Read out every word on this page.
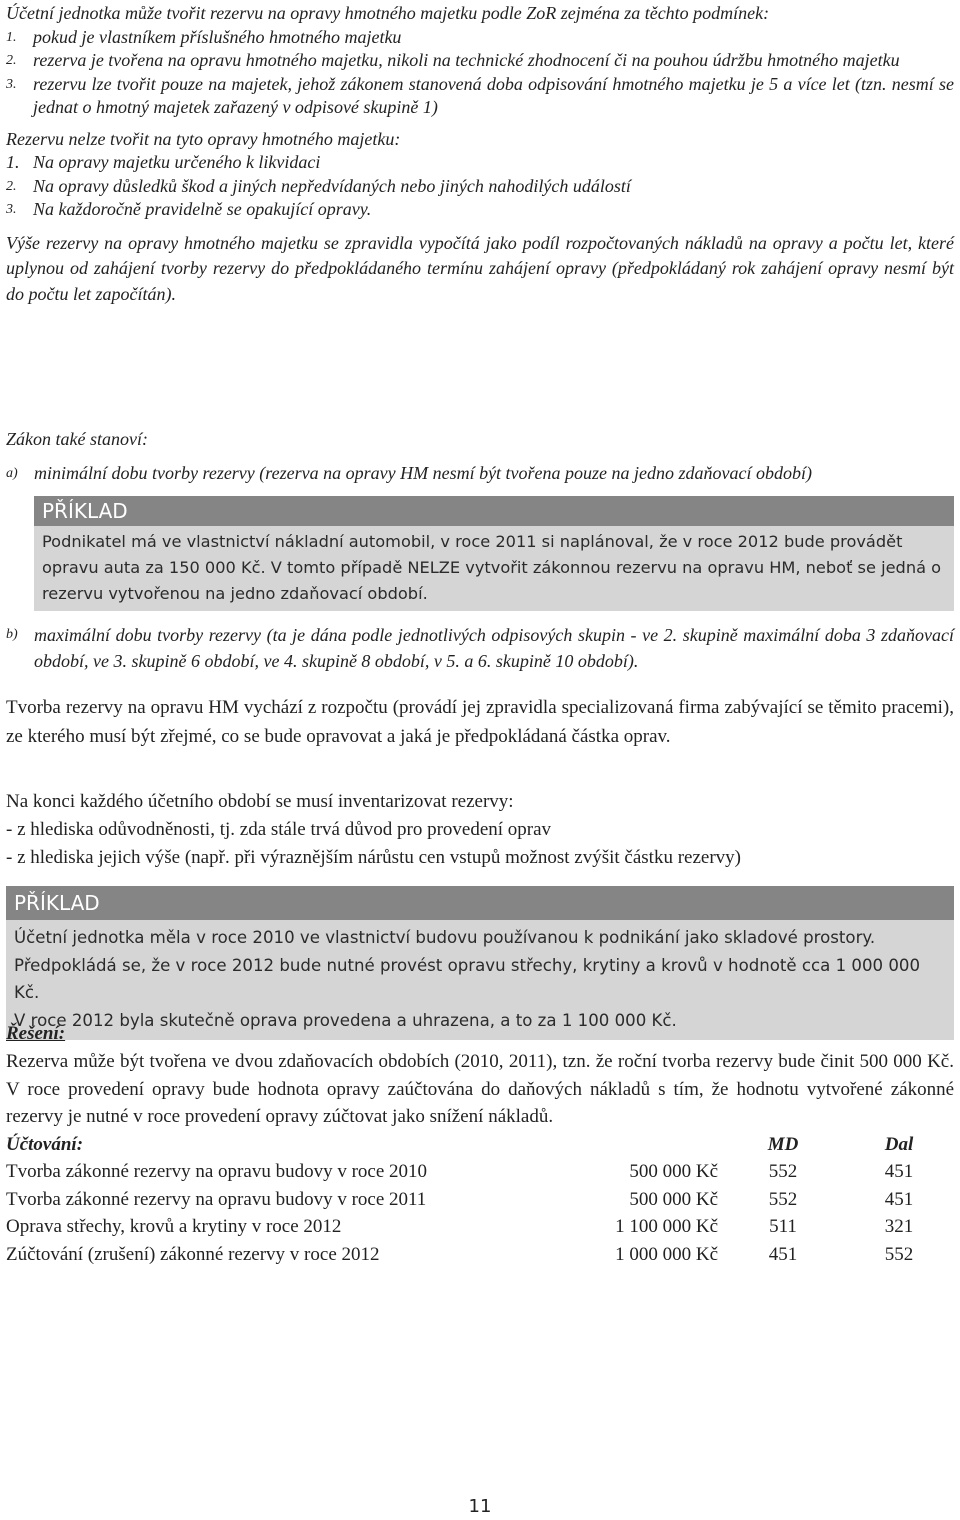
Účetní jednotka může tvořit rezervu na opravy hmotného majetku podle ZoR zejména za těchto podmínek:

1. pokud je vlastníkem příslušného hmotného majetku
2. rezerva je tvořena na opravu hmotného majetku, nikoli na technické zhodnocení či na pouhou údržbu hmotného majetku
3. rezervu lze tvořit pouze na majetek, jehož zákonem stanovená doba odpisování hmotného majetku je 5 a více let (tzn. nesmí se jednat o hmotný majetek zařazený v odpisové skupině 1)

Rezervu nelze tvořit na tyto opravy hmotného majetku:

1. Na opravy majetku určeného k likvidaci
2. Na opravy důsledků škod a jiných nepředvídaných nebo jiných nahodilých událostí
3. Na každoročně pravidelně se opakující opravy.

Výše rezervy na opravy hmotného majetku se zpravidla vypočítá jako podíl rozpočtovaných nákladů na opravy a počtu let, které uplynou od zahájení tvorby rezervy do předpokládaného termínu zahájení opravy (předpokládaný rok zahájení opravy nesmí být do počtu let započítán).

Zákon také stanoví:

a) minimální dobu tvorby rezervy (rezerva na opravy HM nesmí být tvořena pouze na jedno zdaňovací období)
PŘÍKLAD
Podnikatel má ve vlastnictví nákladní automobil, v roce 2011 si naplánoval, že v roce 2012 bude provádět opravu auta za 150 000 Kč. V tomto případě NELZE vytvořit zákonnou rezervu na opravu HM, neboť se jedná o rezervu vytvořenou na jedno zdaňovací období.
b) maximální dobu tvorby rezervy (ta je dána podle jednotlivých odpisových skupin - ve 2. skupině maximální doba 3 zdaňovací období, ve 3. skupině 6 období, ve 4. skupině 8 období, v 5. a 6. skupině 10 období).

Tvorba rezervy na opravu HM vychází z rozpočtu (provádí jej zpravidla specializovaná firma zabývající se těmito pracemi), ze kterého musí být zřejmé, co se bude opravovat a jaká je předpokládaná částka oprav.

Na konci každého účetního období se musí inventarizovat rezervy:

- z hlediska odůvodněnosti, tj. zda stále trvá důvod pro provedení oprav

- z hlediska jejich výše (např. při výraznějším nárůstu cen vstupů možnost zvýšit částku rezervy)

PŘÍKLAD
Účetní jednotka měla v roce 2010 ve vlastnictví budovu používanou k podnikání jako skladové prostory.
Předpokládá se, že v roce 2012 bude nutné provést opravu střechy, krytiny a krovů v hodnotě cca 1 000 000 Kč.
V roce 2012 byla skutečně oprava provedena a uhrazena, a to za 1 100 000 Kč.

Řešení:

Rezerva může být tvořena ve dvou zdaňovacích obdobích (2010, 2011), tzn. že roční tvorba rezervy bude činit 500 000 Kč. V roce provedení opravy bude hodnota opravy zaúčtována do daňových nákladů s tím, že hodnotu vytvořené zákonné rezervy je nutné v roce provedení opravy zúčtovat jako snížení nákladů.

Účtování:		MD	Dal
Tvorba zákonné rezervy na opravu budovy v roce 2010	500 000 Kč	552	451
Tvorba zákonné rezervy na opravu budovy v roce 2011	500 000 Kč	552	451
Oprava střechy, krovů a krytiny v roce 2012	1 100 000 Kč	511	321
Zúčtování (zrušení) zákonné rezervy v roce 2012	1 000 000 Kč	451	552
11
